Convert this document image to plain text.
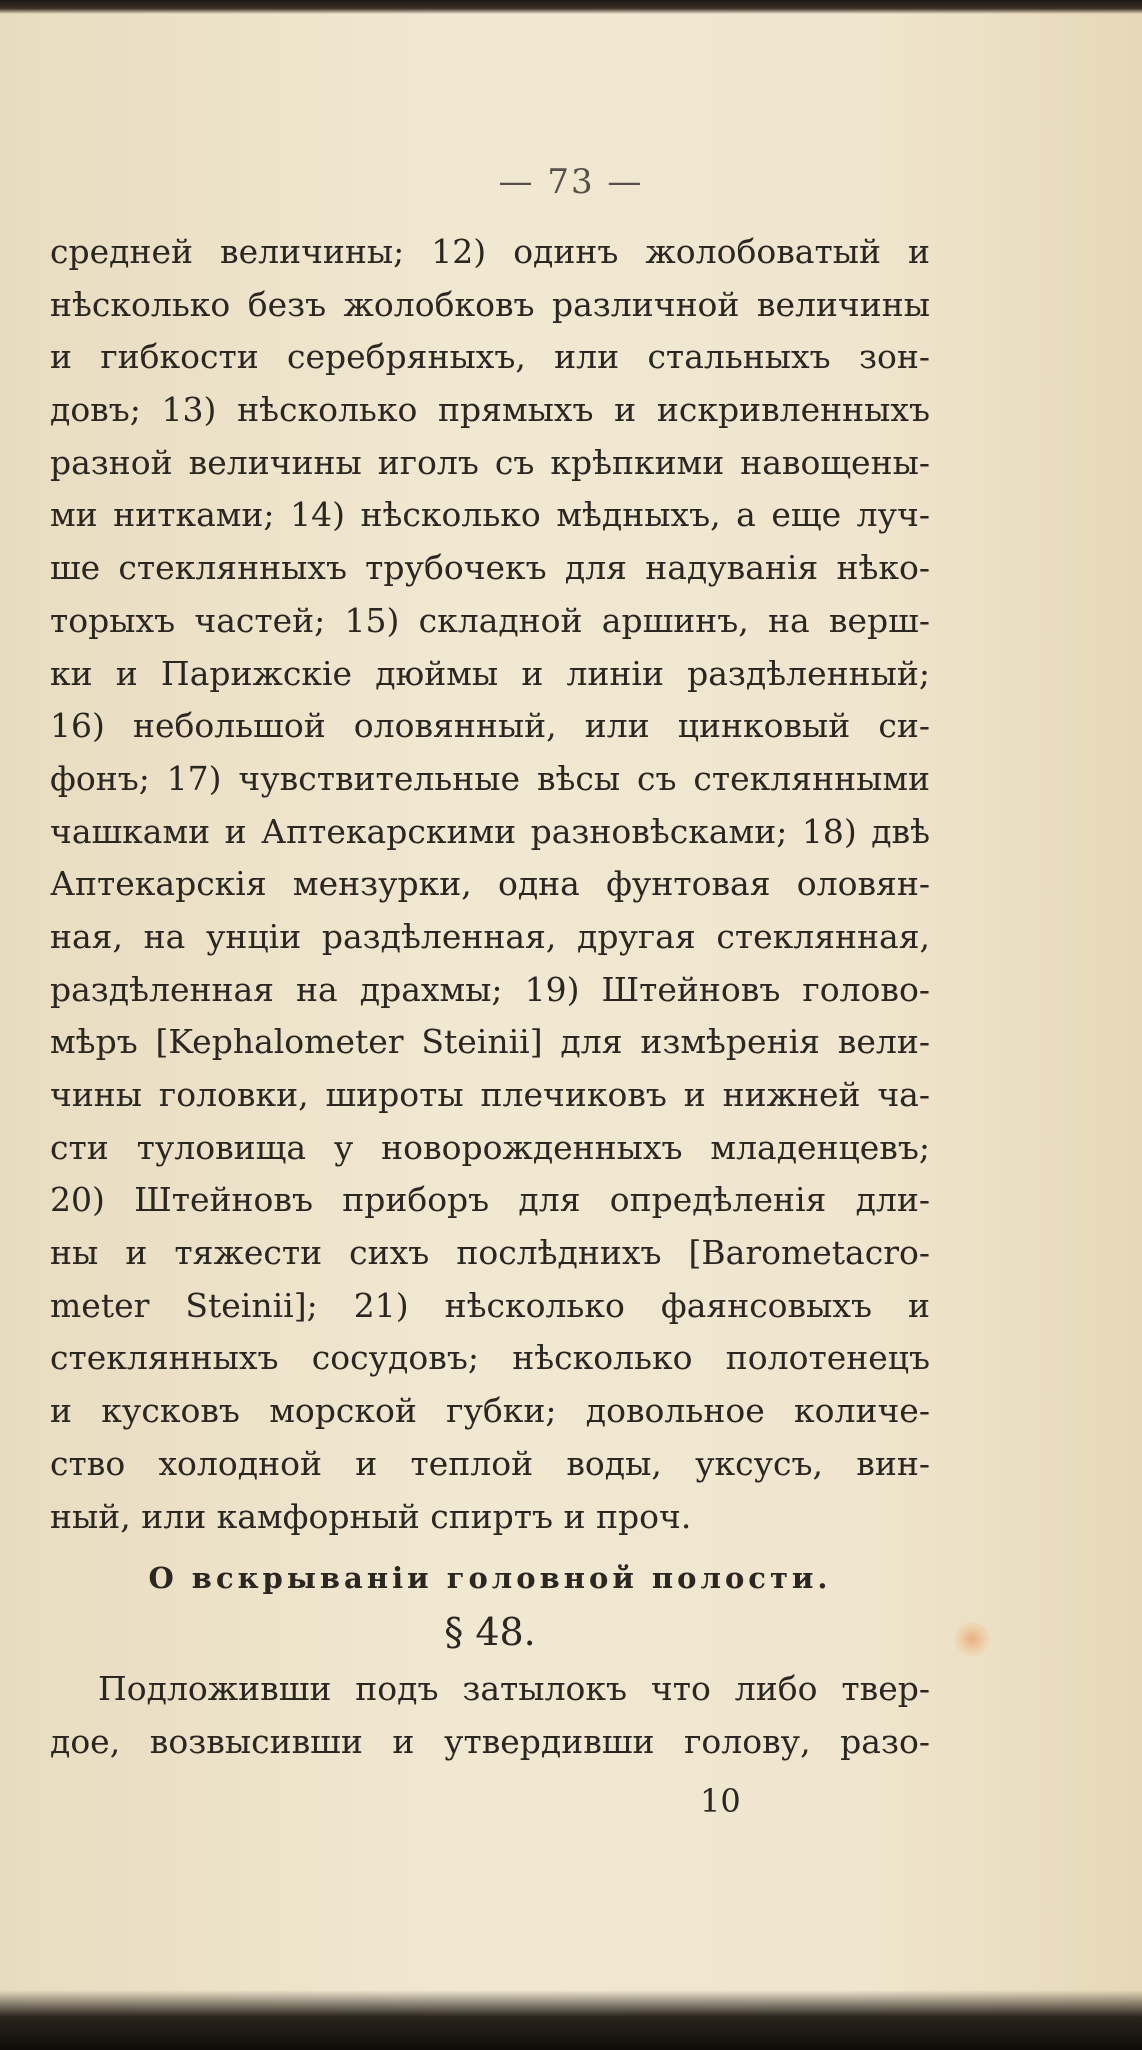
— 73 —
средней величины; 12) одинъ жолобоватый и
нѣсколько безъ жолобковъ различной величины
и гибкости серебряныхъ, или стальныхъ зон-
довъ; 13) нѣсколько прямыхъ и искривленныхъ
разной величины иголъ съ крѣпкими навощены-
ми нитками; 14) нѣсколько мѣдныхъ, а еще луч-
ше стеклянныхъ трубочекъ для надуванія нѣко-
торыхъ частей; 15) складной аршинъ, на верш-
ки и Парижскіе дюймы и линіи раздѣленный;
16) небольшой оловянный, или цинковый си-
фонъ; 17) чувствительные вѣсы съ стеклянными
чашками и Аптекарскими разновѣсками; 18) двѣ
Аптекарскія мензурки, одна фунтовая оловян-
ная, на унціи раздѣленная, другая стеклянная,
раздѣленная на драхмы; 19) Штейновъ голово-
мѣръ [Kephalometer Steinii] для измѣренія вели-
чины головки, широты плечиковъ и нижней ча-
сти туловища у новорожденныхъ младенцевъ;
20) Штейновъ приборъ для опредѣленія дли-
ны и тяжести сихъ послѣднихъ [Barometacro-
meter Steinii]; 21) нѣсколько фаянсовыхъ и
стеклянныхъ сосудовъ; нѣсколько полотенецъ
и кусковъ морской губки; довольное количе-
ство холодной и теплой воды, уксусъ, вин-
ный, или камфорный спиртъ и проч.
О вскрываніи головной полости.
§ 48.
Подложивши подъ затылокъ что либо твер-
дое, возвысивши и утвердивши голову, разо-
10
